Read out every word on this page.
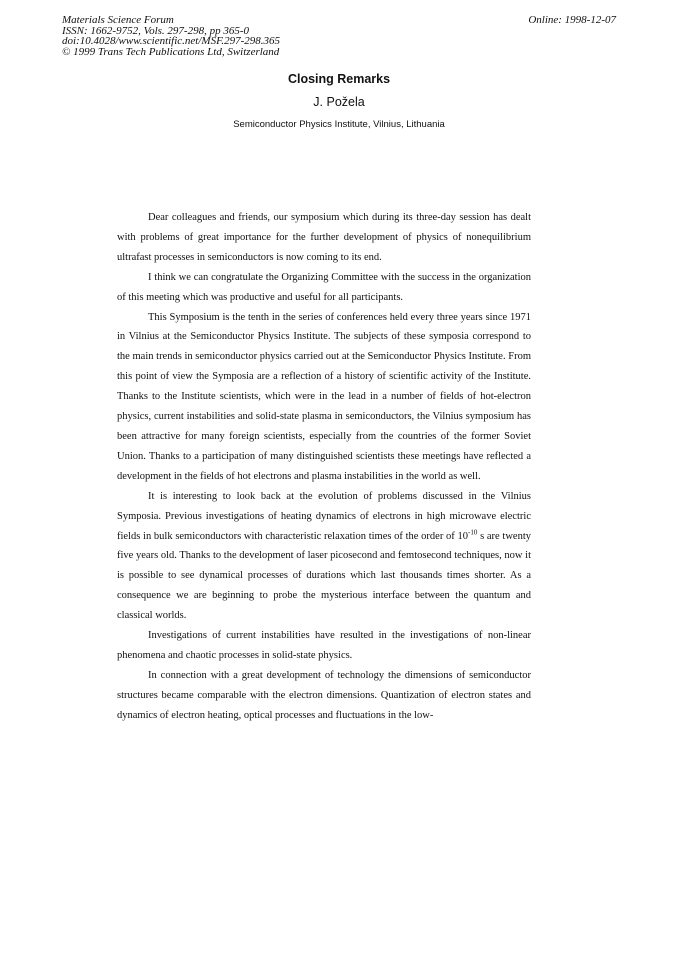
Materials Science Forum
ISSN: 1662-9752, Vols. 297-298, pp 365-0
doi:10.4028/www.scientific.net/MSF.297-298.365
© 1999 Trans Tech Publications Ltd, Switzerland
Online: 1998-12-07
Closing Remarks
J. Požela
Semiconductor Physics Institute, Vilnius, Lithuania

Dear colleagues and friends, our symposium which during its three-day session has dealt with problems of great importance for the further development of physics of nonequilibrium ultrafast processes in semiconductors is now coming to its end.

I think we can congratulate the Organizing Committee with the success in the organization of this meeting which was productive and useful for all participants.

This Symposium is the tenth in the series of conferences held every three years since 1971 in Vilnius at the Semiconductor Physics Institute. The subjects of these symposia correspond to the main trends in semiconductor physics carried out at the Semiconductor Physics Institute. From this point of view the Symposia are a reflection of a history of scientific activity of the Institute. Thanks to the Institute scientists, which were in the lead in a number of fields of hot-electron physics, current instabilities and solid-state plasma in semiconductors, the Vilnius symposium has been attractive for many foreign scientists, especially from the countries of the former Soviet Union. Thanks to a participation of many distinguished scientists these meetings have reflected a development in the fields of hot electrons and plasma instabilities in the world as well.

It is interesting to look back at the evolution of problems discussed in the Vilnius Symposia. Previous investigations of heating dynamics of electrons in high microwave electric fields in bulk semiconductors with characteristic relaxation times of the order of $10^{-10}$ s are twenty five years old. Thanks to the development of laser picosecond and femtosecond techniques, now it is possible to see dynamical processes of durations which last thousands times shorter. As a consequence we are beginning to probe the mysterious interface between the quantum and classical worlds.

Investigations of current instabilities have resulted in the investigations of non-linear phenomena and chaotic processes in solid-state physics.

In connection with a great development of technology the dimensions of semiconductor structures became comparable with the electron dimensions. Quantization of electron states and dynamics of electron heating, optical processes and fluctuations in the low-
